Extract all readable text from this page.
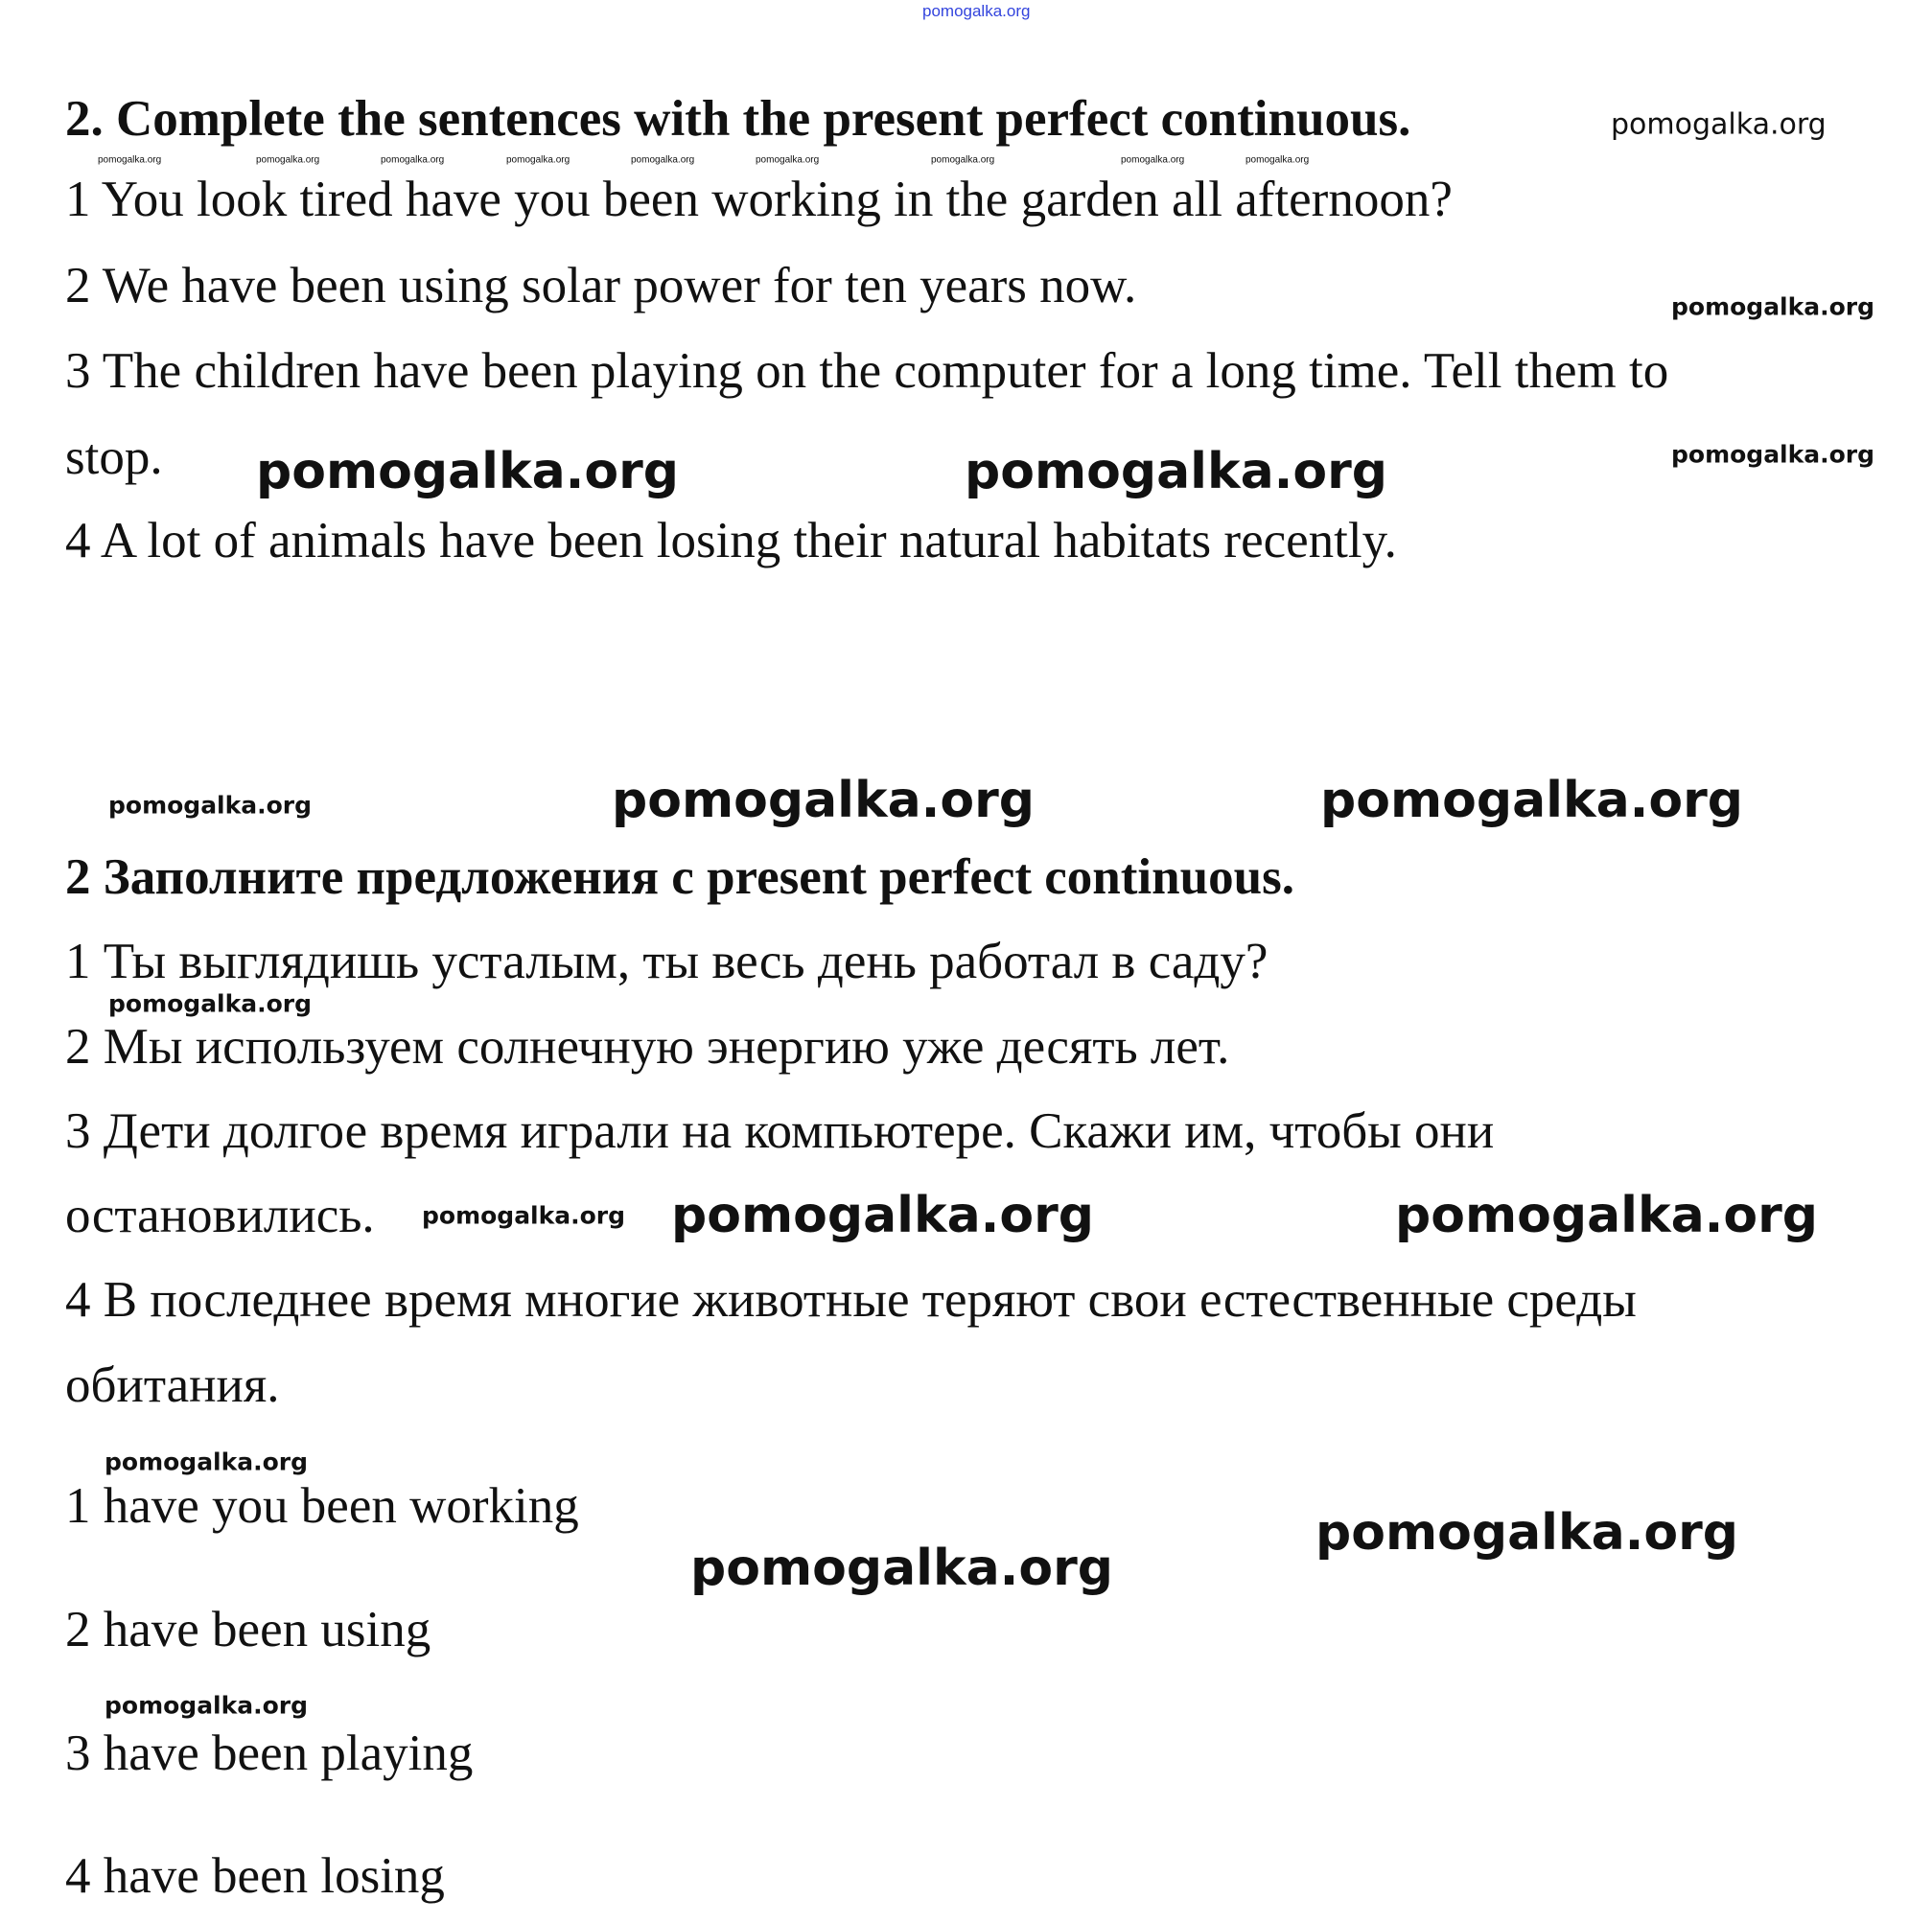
pomogalka.org
2. Complete the sentences with the present perfect continuous.
1 You look tired have you been working in the garden all afternoon?
2 We have been using solar power for ten years now.
3 The children have been playing on the computer for a long time. Tell them to
stop.
4 A lot of animals have been losing their natural habitats recently.
2 Заполните предложения с present perfect continuous.
1 Ты выглядишь усталым, ты весь день работал в саду?
2 Мы используем солнечную энергию уже десять лет.
3 Дети долгое время играли на компьютере. Скажи им, чтобы они
остановились.
4 В последнее время многие животные теряют свои естественные среды
обитания.
1 have you been working
2 have been using
3 have been playing
4 have been losing
pomogalka.org	pomogalka.org	pomogalka.org	pomogalka.org	pomogalka.org	pomogalka.org	pomogalka.org	pomogalka.org	pomogalka.org
pomogalka.org
pomogalka.org
pomogalka.org
pomogalka.org
pomogalka.org
pomogalka.org
pomogalka.org
pomogalka.org
pomogalka.org	pomogalka.org
pomogalka.org	pomogalka.org
pomogalka.org	pomogalka.org
pomogalka.org
pomogalka.org
